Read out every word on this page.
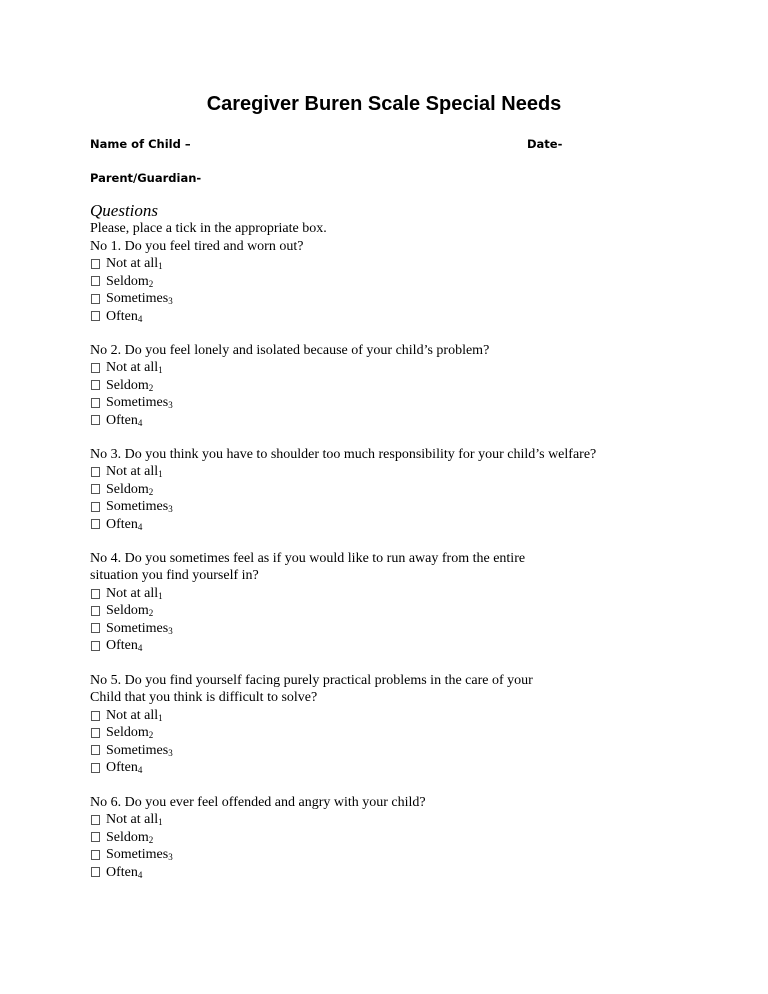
Caregiver Buren Scale Special Needs
Name of Child –	Date-
Parent/Guardian-
Questions
Please, place a tick in the appropriate box.
No 1. Do you feel tired and worn out?
Not at all 1
Seldom 2
Sometimes 3
Often 4
No 2. Do you feel lonely and isolated because of your child’s problem?
Not at all 1
Seldom 2
Sometimes 3
Often 4
No 3. Do you think you have to shoulder too much responsibility for your child’s welfare?
Not at all 1
Seldom 2
Sometimes 3
Often 4
No 4. Do you sometimes feel as if you would like to run away from the entire
situation you find yourself in?
Not at all 1
Seldom 2
Sometimes 3
Often 4
No 5. Do you find yourself facing purely practical problems in the care of your
Child that you think is difficult to solve?
Not at all 1
Seldom 2
Sometimes 3
Often 4
No 6. Do you ever feel offended and angry with your child?
Not at all 1
Seldom 2
Sometimes 3
Often 4
